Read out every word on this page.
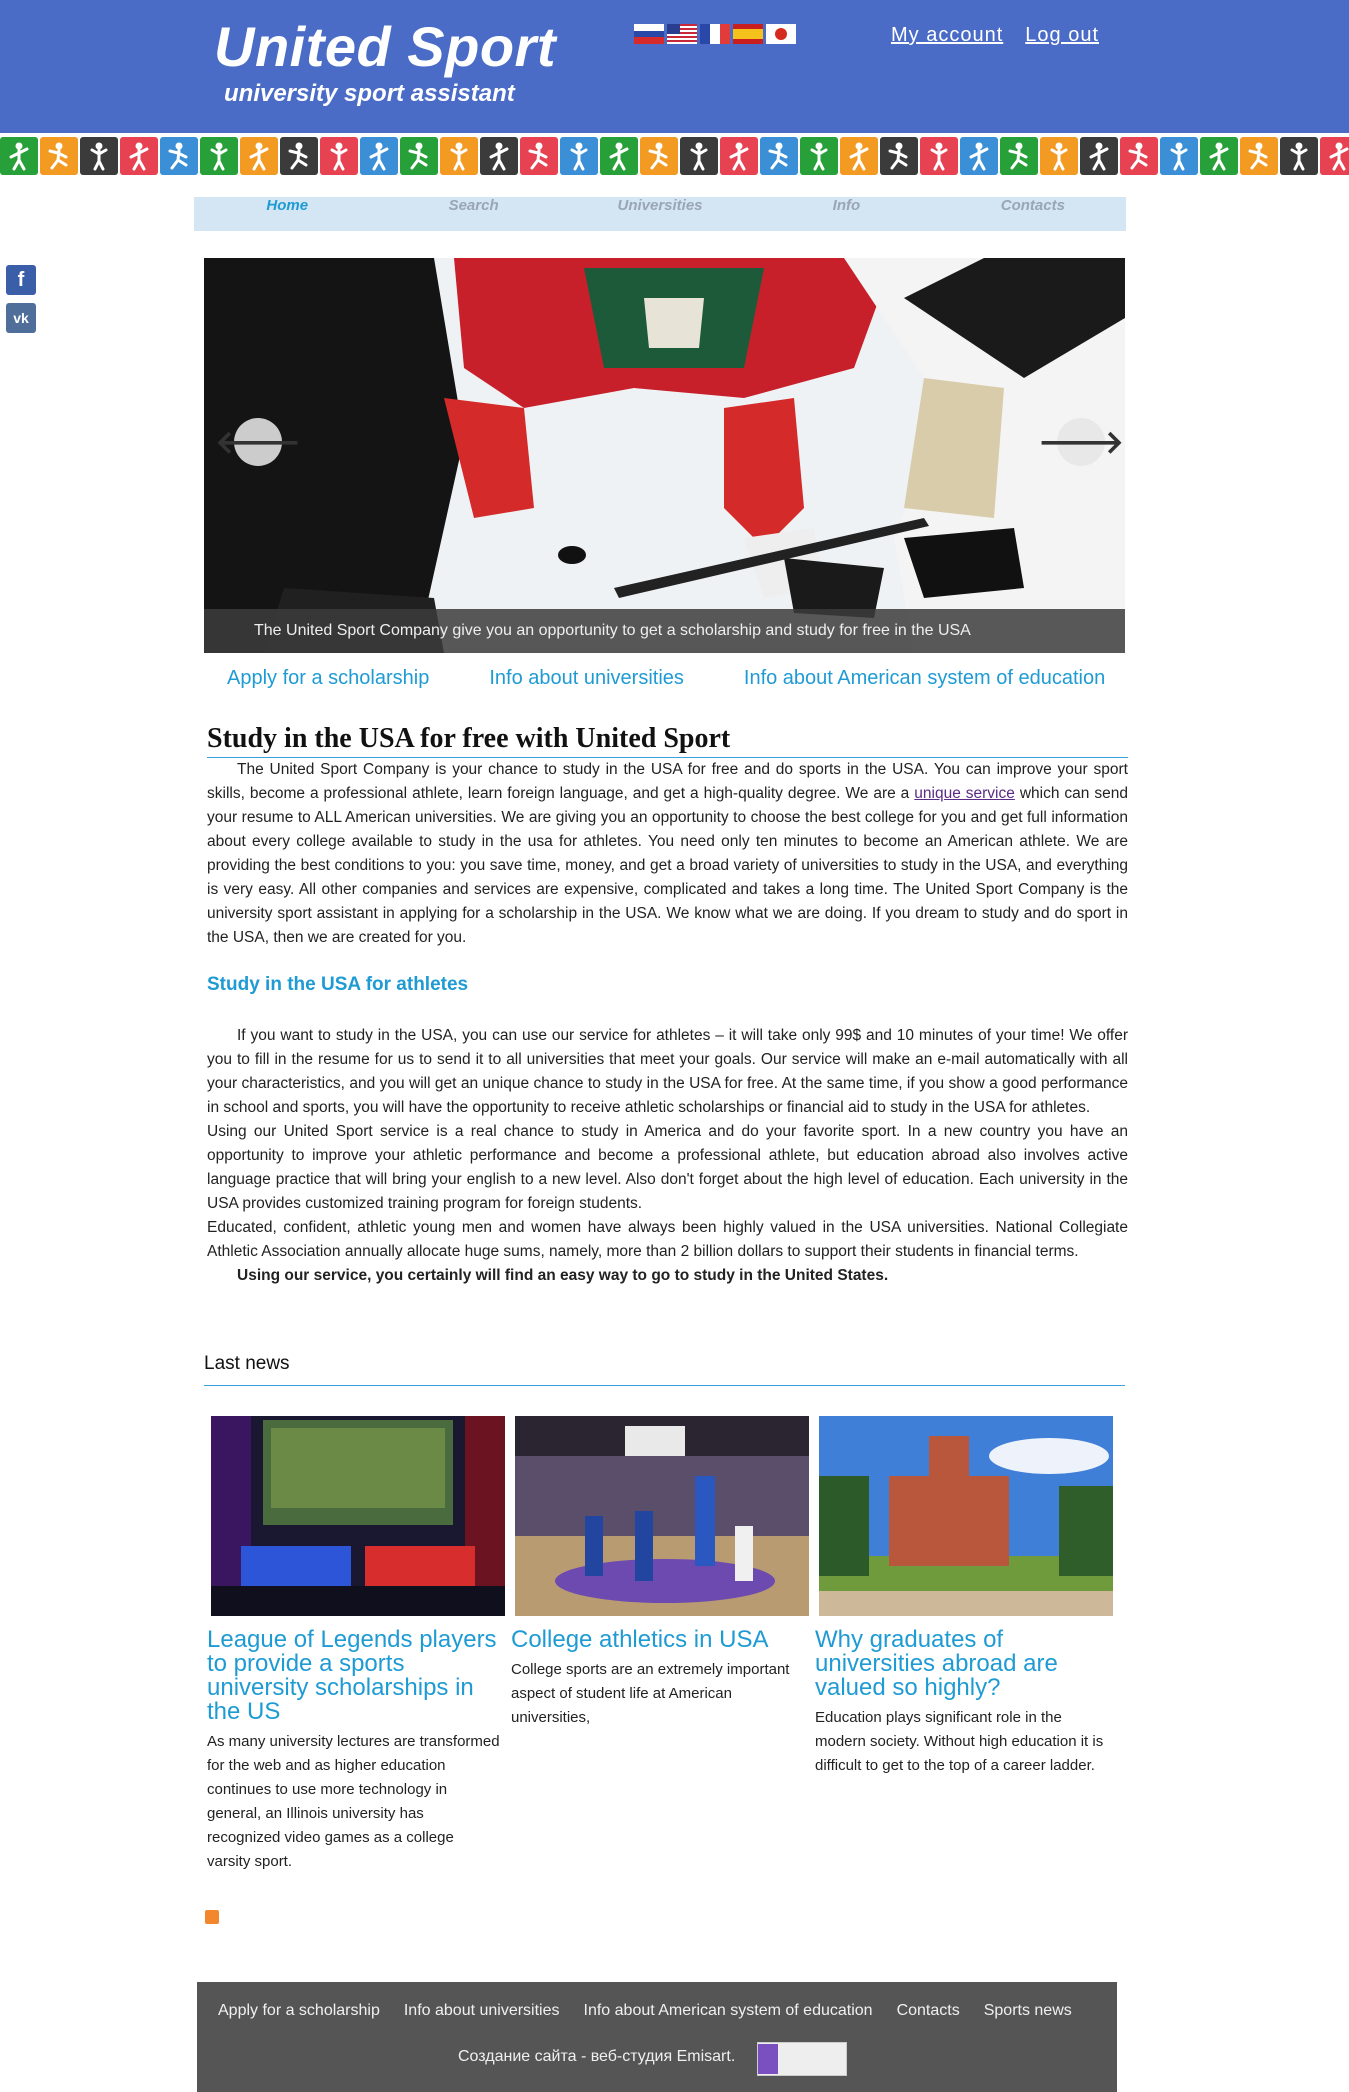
United Sport
university sport assistant
My account Log out
Home	Search	Universities	Info	Contacts
f
vk
🡐	🡒
The United Sport Company give you an opportunity to get a scholarship and study for free in the USA
Apply for a scholarship	Info about universities	Info about American system of education
Study in the USA for free with United Sport

The United Sport Company is your chance to study in the USA for free and do sports in the USA. You can improve your sport skills, become a professional athlete, learn foreign language, and get a high-quality degree. We are a unique service which can send your resume to ALL American universities. We are giving you an opportunity to choose the best college for you and get full information about every college available to study in the usa for athletes. You need only ten minutes to become an American athlete. We are providing the best conditions to you: you save time, money, and get a broad variety of universities to study in the USA, and everything is very easy. All other companies and services are expensive, complicated and takes a long time. The United Sport Company is the university sport assistant in applying for a scholarship in the USA. We know what we are doing. If you dream to study and do sport in the USA, then we are created for you.

Study in the USA for athletes

If you want to study in the USA, you can use our service for athletes – it will take only 99$ and 10 minutes of your time! We offer you to fill in the resume for us to send it to all universities that meet your goals. Our service will make an e-mail automatically with all your characteristics, and you will get an unique chance to study in the USA for free. At the same time, if you show a good performance in school and sports, you will have the opportunity to receive athletic scholarships or financial aid to study in the USA for athletes.

Using our United Sport service is a real chance to study in America and do your favorite sport. In a new country you have an opportunity to improve your athletic performance and become a professional athlete, but education abroad also involves active language practice that will bring your english to a new level. Also don't forget about the high level of education. Each university in the USA provides customized training program for foreign students.

Educated, confident, athletic young men and women have always been highly valued in the USA universities. National Collegiate Athletic Association annually allocate huge sums, namely, more than 2 billion dollars to support their students in financial terms.

Using our service, you certainly will find an easy way to go to study in the United States.

Last news
League of Legends players to provide a sports university scholarships in the US
As many university lectures are transformed for the web and as higher education continues to use more technology in general, an Illinois university has recognized video games as a college varsity sport.
College athletics in USA
College sports are an extremely important aspect of student life at American universities,
Why graduates of universities abroad are valued so highly?
Education plays significant role in the modern society. Without high education it is difficult to get to the top of a career ladder.
Apply for a scholarship Info about universities Info about American system of education Contacts Sports news
Создание сайта - веб-студия Emisart.
